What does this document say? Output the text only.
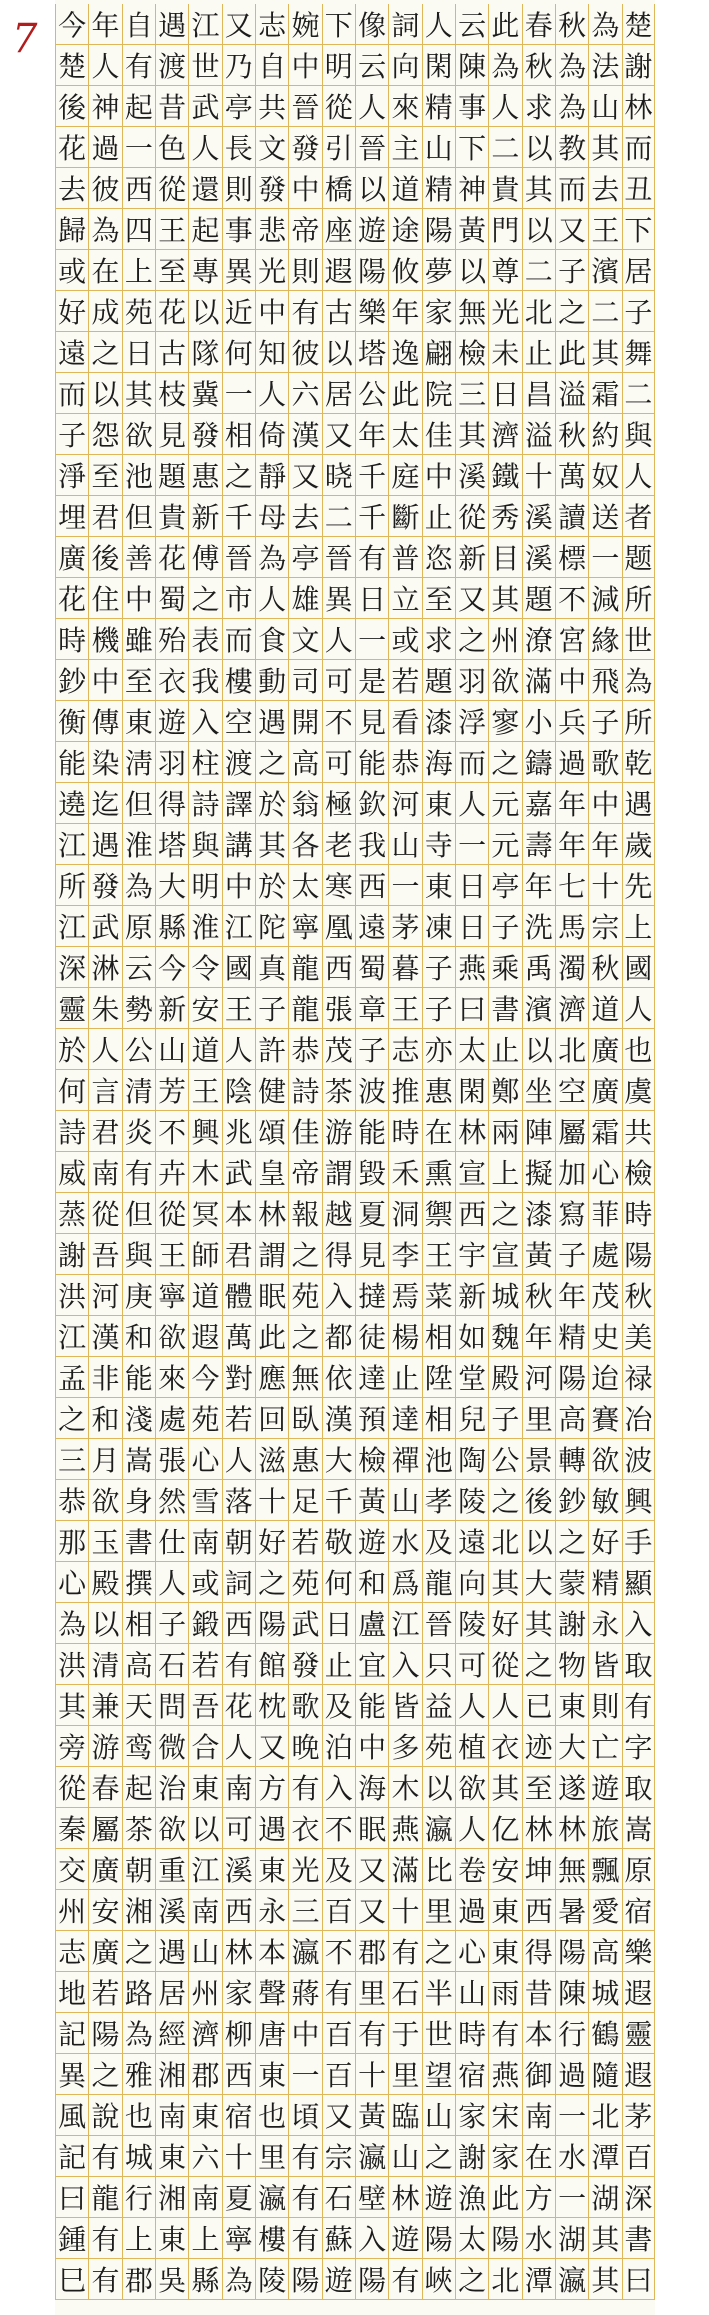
今 年 自 遇 江 又 志 婉 下 像 詞 人 云 此 春 秋 為 楚
楚 人 有 渡 世 乃 自 中 明 云 向 閑 陳 為 秋 為 法 謝
後 神 起 昔 武 亭 共 晉 從 人 來 精 事 人 求 為 山 林
花 過 一 色 人 長 文 發 引 晉 主 山 下 二 以 教 其 而
去 彼 西 從 還 則 發 中 橋 以 道 精 神 貴 其 而 去 丑
歸 為 四 王 起 事 悲 帝 座 遊 途 陽 黃 門 以 又 王 下
或 在 上 至 專 異 光 則 遐 陽 攸 夢 以 尊 二 子 濱 居
好 成 苑 花 以 近 中 有 古 樂 年 家 無 光 北 之 二 子
遠 之 日 古 隊 何 知 彼 以 塔 逸 翩 檢 未 止 此 其 舞
而 以 其 枝 冀 一 人 六 居 公 此 院 三 日 昌 溢 霜 二
子 怨 欲 見 發 相 倚 漢 又 年 太 佳 其 濟 溢 秋 約 與
淨 至 池 題 惠 之 靜 又 晓 千 庭 中 溪 鐵 十 萬 奴 人
埋 君 但 貴 新 千 母 去 二 千 斷 止 從 秀 溪 讀 送 者
廣 後 善 花 傅 晉 為 亭 晉 有 普 恣 新 目 溪 標 一 题
花 住 中 蜀 之 市 人 雄 異 日 立 至 又 其 題 不 減 所
時 機 雖 殆 表 而 食 文 人 一 或 求 之 州 潦 宮 緣 世
鈔 中 至 衣 我 樓 動 司 可 是 若 題 羽 欲 滿 中 飛 為
衡 傳 東 遊 入 空 遇 開 不 見 看 漆 浮 寥 小 兵 子 所
能 染 淸 羽 柱 渡 之 高 可 能 恭 海 而 之 鑄 過 歌 乾
遶 迄 但 得 詩 譯 於 翁 極 欽 河 東 人 元 嘉 年 中 遇
江 遇 淮 塔 與 講 其 各 老 我 山 寺 一 元 壽 年 年 歲
所 發 為 大 明 中 於 太 寒 西 一 東 日 亭 年 七 十 先
江 武 原 縣 淮 江 陀 寧 凰 遠 茅 凍 日 子 洗 馬 宗 上
深 淋 云 今 令 國 真 龍 西 蜀 暮 子 燕 乘 禹 濁 秋 國
靈 朱 勢 新 安 王 子 龍 張 章 王 子 曰 書 濱 濟 道 人
於 人 公 山 道 人 許 恭 茂 子 志 亦 太 止 以 北 廣 也
何 言 清 芳 王 陰 健 詩 茶 波 推 惠 閑 鄭 坐 空 廣 虞
詩 君 炎 不 興 兆 頌 佳 游 能 時 在 林 兩 陣 屬 霜 共
威 南 有 卉 木 武 皇 帝 謂 毀 禾 熏 宣 上 擬 加 心 檢
蒸 從 但 從 冥 本 林 報 越 夏 洞 禦 西 之 漆 寫 菲 時
謝 吾 與 王 師 君 謂 之 得 見 李 王 宇 宣 黃 子 處 陽
洪 河 庚 寧 道 體 眠 苑 入 撻 焉 菜 新 城 秋 年 茂 秋
江 漢 和 欲 遐 萬 此 之 都 徒 楊 相 如 魏 年 精 史 美
孟 非 能 來 今 對 應 無 依 達 止 陞 堂 殿 河 陽 迨 禄
之 和 淺 處 苑 若 回 臥 漢 預 達 相 兒 子 里 高 賽 冶
三 月 嵩 張 心 人 滋 惠 大 檢 禪 池 陶 公 景 轉 欲 波
恭 欲 身 然 雪 落 十 足 千 黃 山 孝 陵 之 後 鈔 敏 興
那 玉 書 仕 南 朝 好 若 敬 遊 水 及 遠 北 以 之 好 手
心 殿 撰 人 或 詞 之 苑 何 和 爲 龍 向 其 大 蒙 精 顯
為 以 相 子 鍛 西 陽 武 日 盧 江 晉 陵 好 其 謝 永 入
洪 清 高 石 若 有 館 發 止 宜 入 只 可 從 之 物 皆 取
其 兼 天 問 吾 花 枕 歌 及 能 皆 益 人 人 已 東 則 有
旁 游 鸾 微 合 人 又 晚 泊 中 多 苑 植 衣 迹 大 亡 字
從 春 起 治 東 南 方 有 入 海 木 以 欲 其 至 遂 遊 取
秦 屬 茶 欲 以 可 遇 衣 不 眠 燕 瀛 人 亿 林 林 旅 嵩
交 廣 朝 重 江 溪 東 光 及 又 滿 比 卷 安 坤 無 飄 原
州 安 湘 溪 南 西 永 三 百 又 十 里 過 東 西 暑 愛 宿
志 廣 之 遇 山 林 本 瀛 不 郡 有 之 心 東 得 陽 高 樂
地 若 路 居 州 家 聲 蔣 有 里 石 半 山 雨 昔 陳 城 遐
記 陽 為 經 濟 柳 唐 中 百 有 于 世 時 有 本 行 鶴 靈
異 之 雅 湘 郡 西 東 一 百 十 里 望 宿 燕 御 過 隨 遐
風 說 也 南 東 宿 也 頃 又 黃 臨 山 家 宋 南 一 北 茅
記 有 城 東 六 十 里 有 宗 瀛 山 之 謝 家 在 水 潭 百
曰 龍 行 湘 南 夏 瀛 有 石 壁 林 遊 漁 此 方 一 湖 深
鍾 有 上 東 上 寧 樓 有 蘇 入 遊 陽 太 陽 水 湖 其 書
巳 有 郡 吳 縣 為 陵 陽 遊 陽 有 峽 之 北 潭 瀛 其 曰
7
